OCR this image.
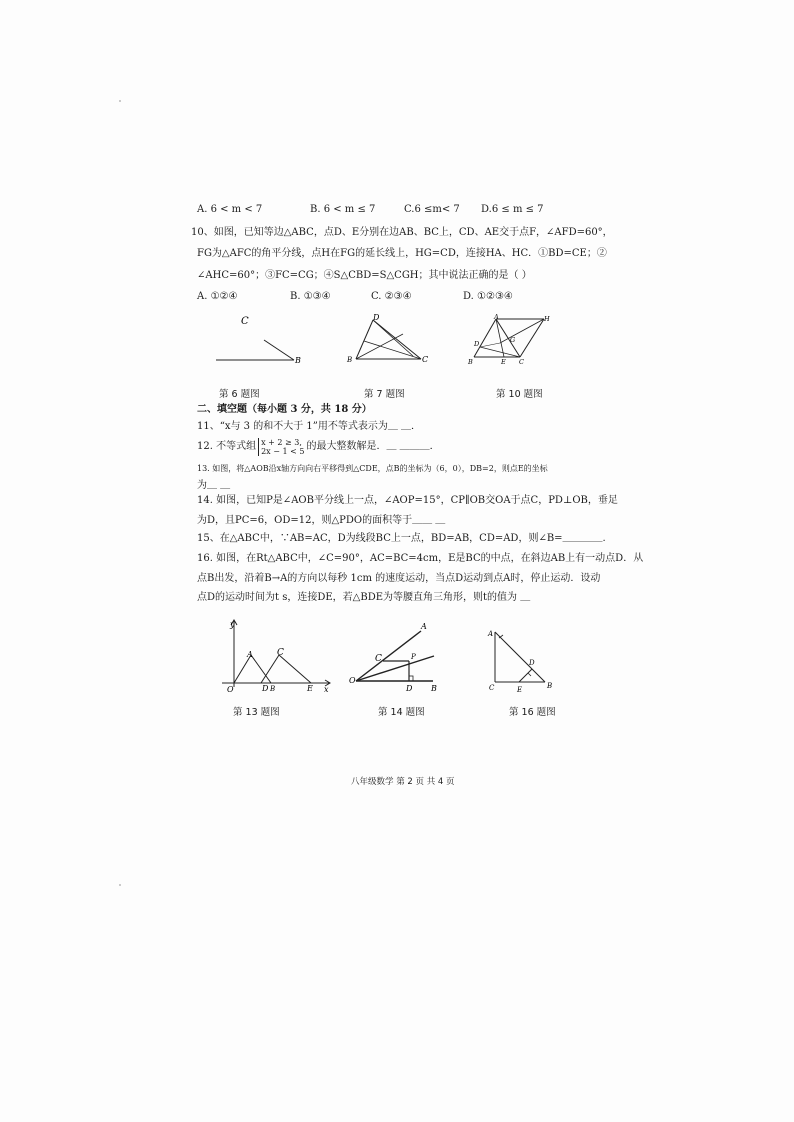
A. 6 < m < 7	B. 6 < m ≤ 7	C.6 ≤m< 7 D.6 ≤ m ≤ 7
10、如图，已知等边△ABC，点D、E分别在边AB、BC上，CD、AE交于点F，∠AFD=60°，
FG为△AFC的角平分线，点H在FG的延长线上，HG=CD，连接HA、HC．①BD=CE；②
∠AHC=60°；③FC=CG；④S△CBD=S△CGH；其中说法正确的是（ ）
A. ①②④	B. ①③④	C. ②③④	D. ①②③④
C
B
D
B	C
A	H
D	G
B	E C
第 6 题图	第 7 题图	第 10 题图
二、填空题（每小题 3 分，共 18 分）
11、“x与 3 的和不大于 1”用不等式表示为＿ ＿．
12. 不等式组 x + 2 ≥ 3,
2x − 1 < 5 的最大整数解是．＿ ＿＿＿．
13. 如图，将△AOB沿x轴方向向右平移得到△CDE，点B的坐标为（6，0），DB=2，则点E的坐标
为＿ ＿
14. 如图，已知P是∠AOB平分线上一点，∠AOP=15°，CP∥OB交OA于点C，PD⊥OB，垂足
为D，且PC=6，OD=12，则△PDO的面积等于＿＿ ＿
15、在△ABC中，∵AB=AC，D为线段BC上一点，BD=AB，CD=AD，则∠B=＿＿＿＿.
16. 如图，在Rt△ABC中，∠C=90°，AC=BC=4cm，E是BC的中点，在斜边AB上有一动点D．从
点B出发，沿着B→A的方向以每秒 1cm 的速度运动，当点D运动到点A时，停止运动．设动
点D的运动时间为t s，连接DE，若△BDE为等腰直角三角形，则t的值为 ＿
y
A	C
O	D B	E x
A
C	P
O
D B
A
D
C	E	B
第 13 题图	第 14 题图	第 16 题图
八年级数学 第 2 页 共 4 页
